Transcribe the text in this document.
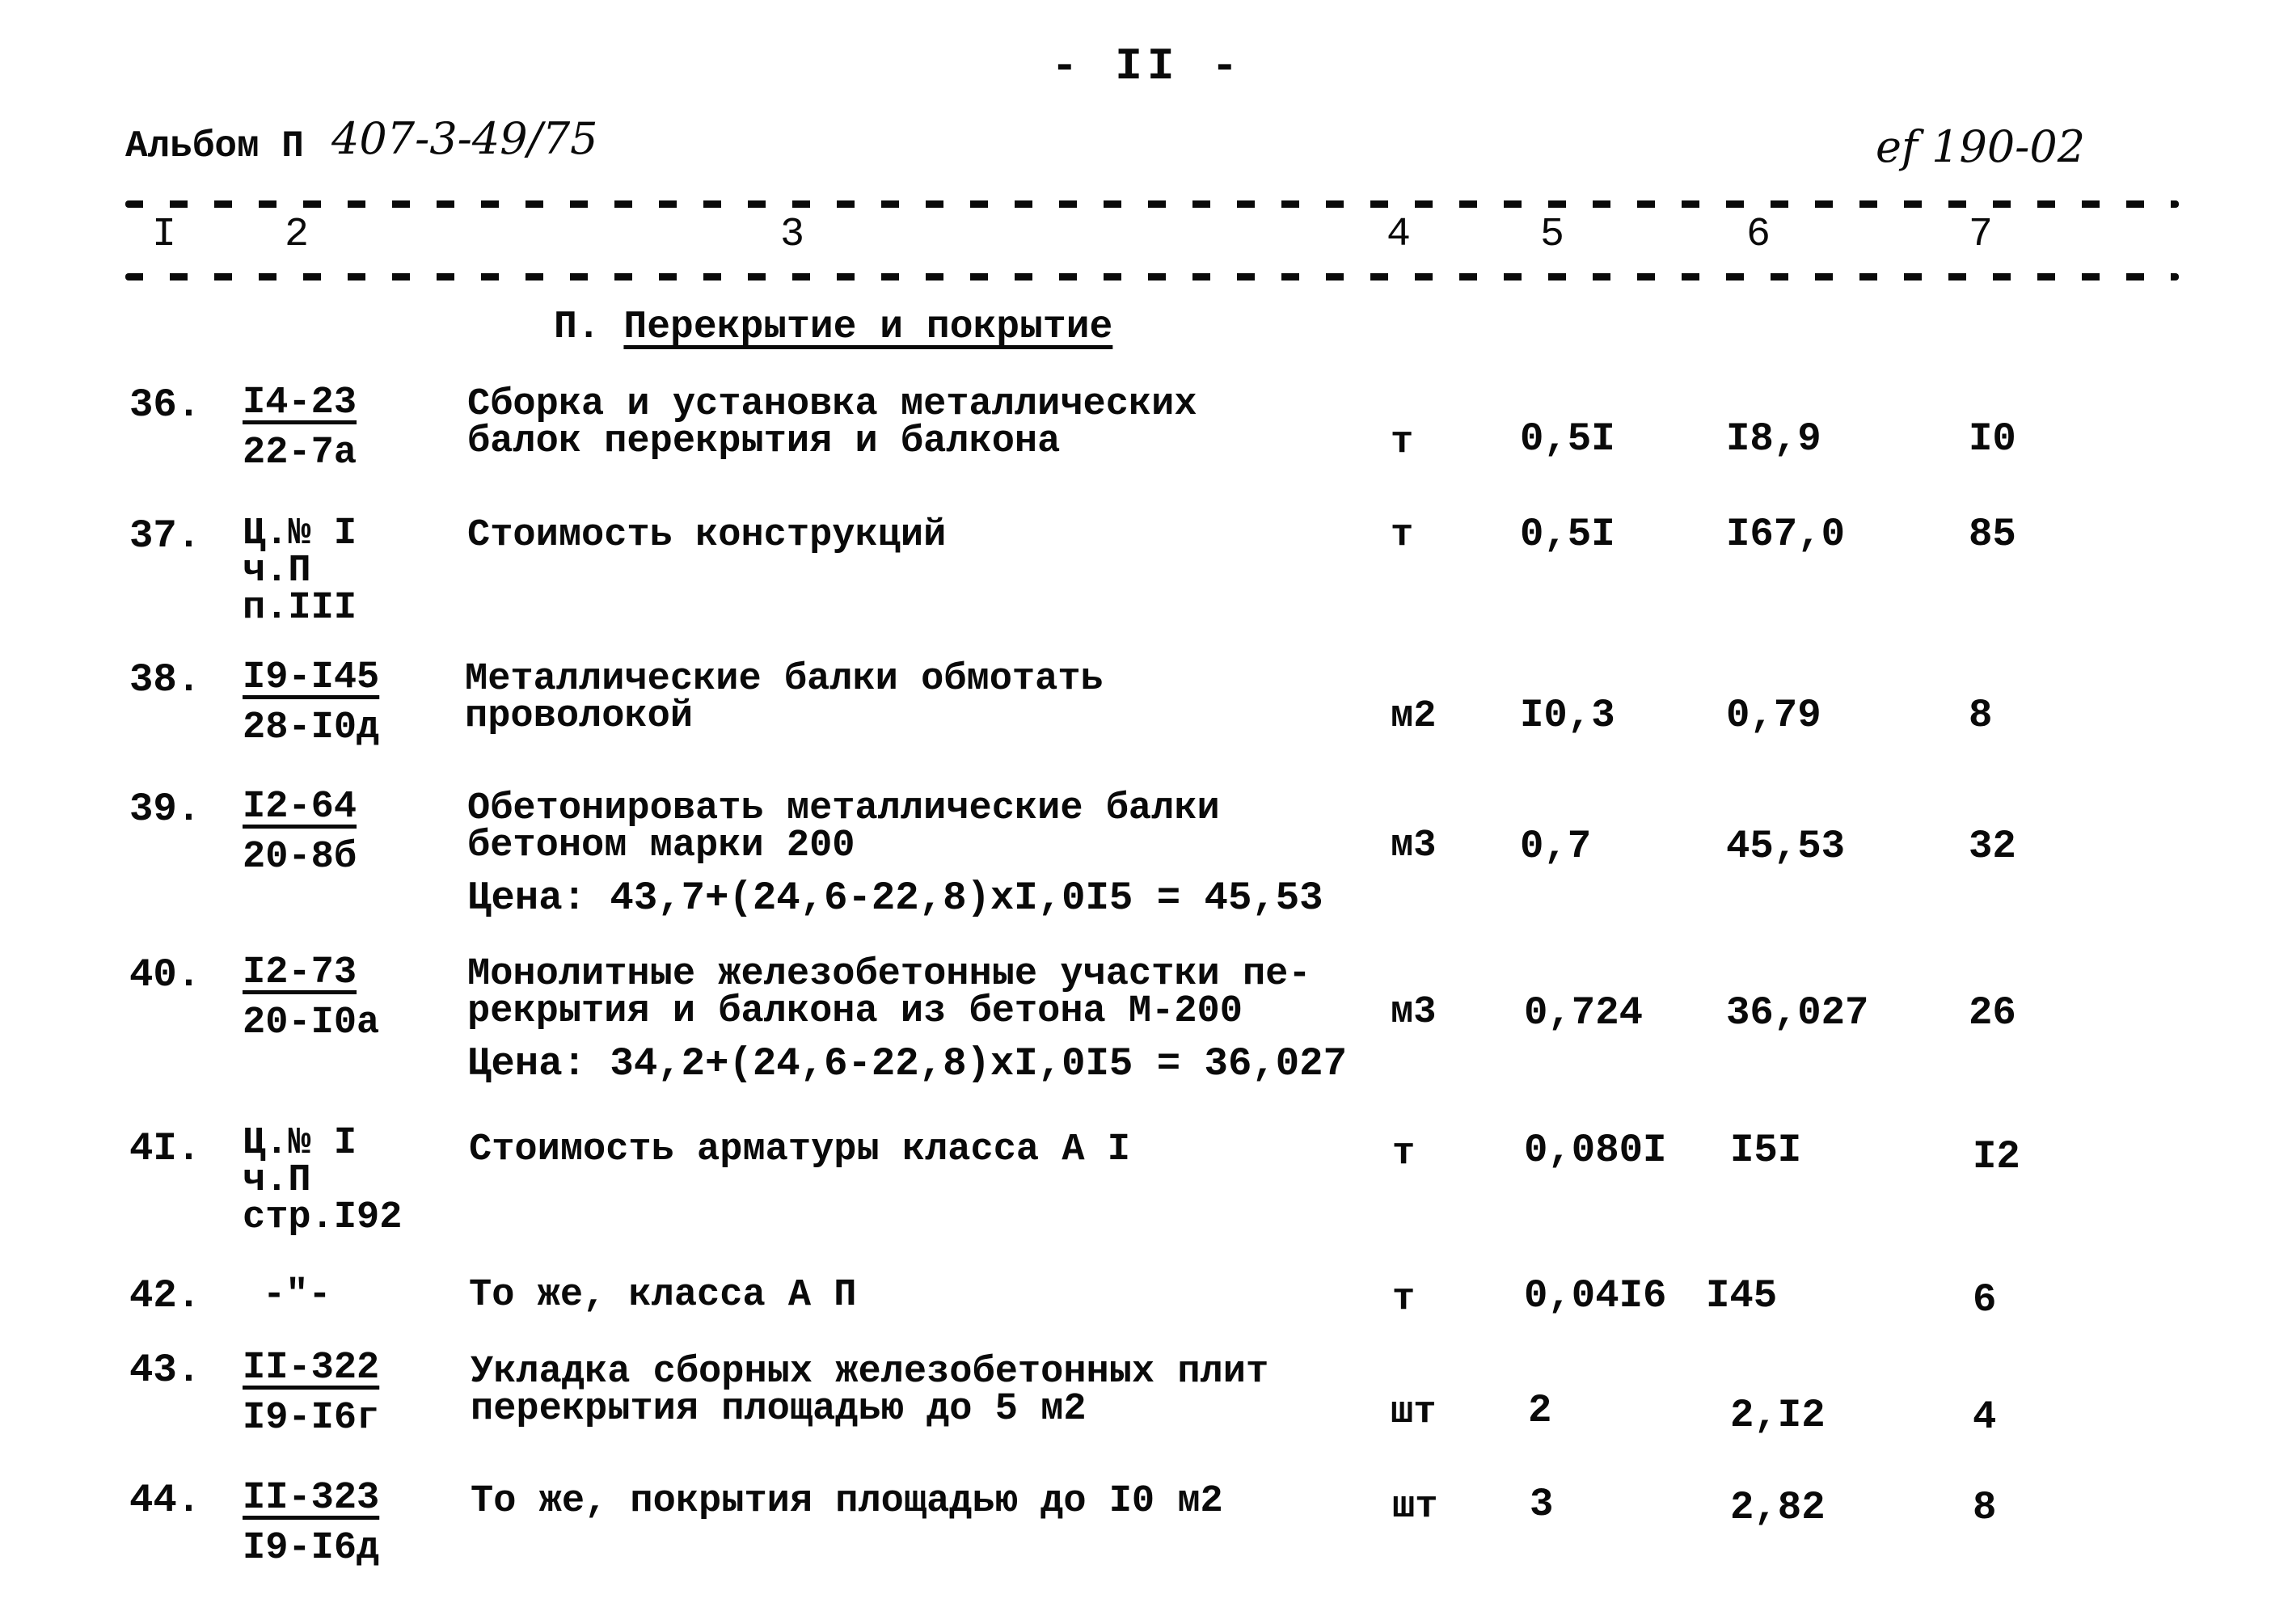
- II -
Альбом П 407-3-49/75	ef 190-02
I	2	3	4	5	6	7
П. Перекрытие и покрытие
36. I4-23
22-7a
Сборка и установка металлических
балок перекрытия и балкона	т	0,5I	I8,9	I0
37. Ц.№ I
ч.П
п.III
Стоимость конструкций	т	0,5I	I67,0	85
38. I9-I45
28-I0д
Металлические балки обмотать
проволокой	м2 I0,3	0,79	8
39. I2-64
20-8б
Обетонировать металлические балки
бетоном марки 200
Цена: 43,7+(24,6-22,8)xI,0I5 = 45,53
м3 0,7	45,53	32
40. I2-73
20-I0a
Монолитные железобетонные участки пе-
рекрытия и балкона из бетона М-200
Цена: 34,2+(24,6-22,8)xI,0I5 = 36,027
м3 0,724 36,027	26
4I. Ц.№ I
ч.П
стр.I92
Стоимость арматуры класса А I	т	0,080I I5I	I2
42. -"-	То же, класса А П	т	0,04I6 I45	6
43. II-322
I9-I6г
Укладка сборных железобетонных плит
перекрытия площадью до 5 м2	шт 2	2,I2	4
44. II-323
I9-I6д
То же, покрытия площадью до I0 м2	шт 3	2,82	8
